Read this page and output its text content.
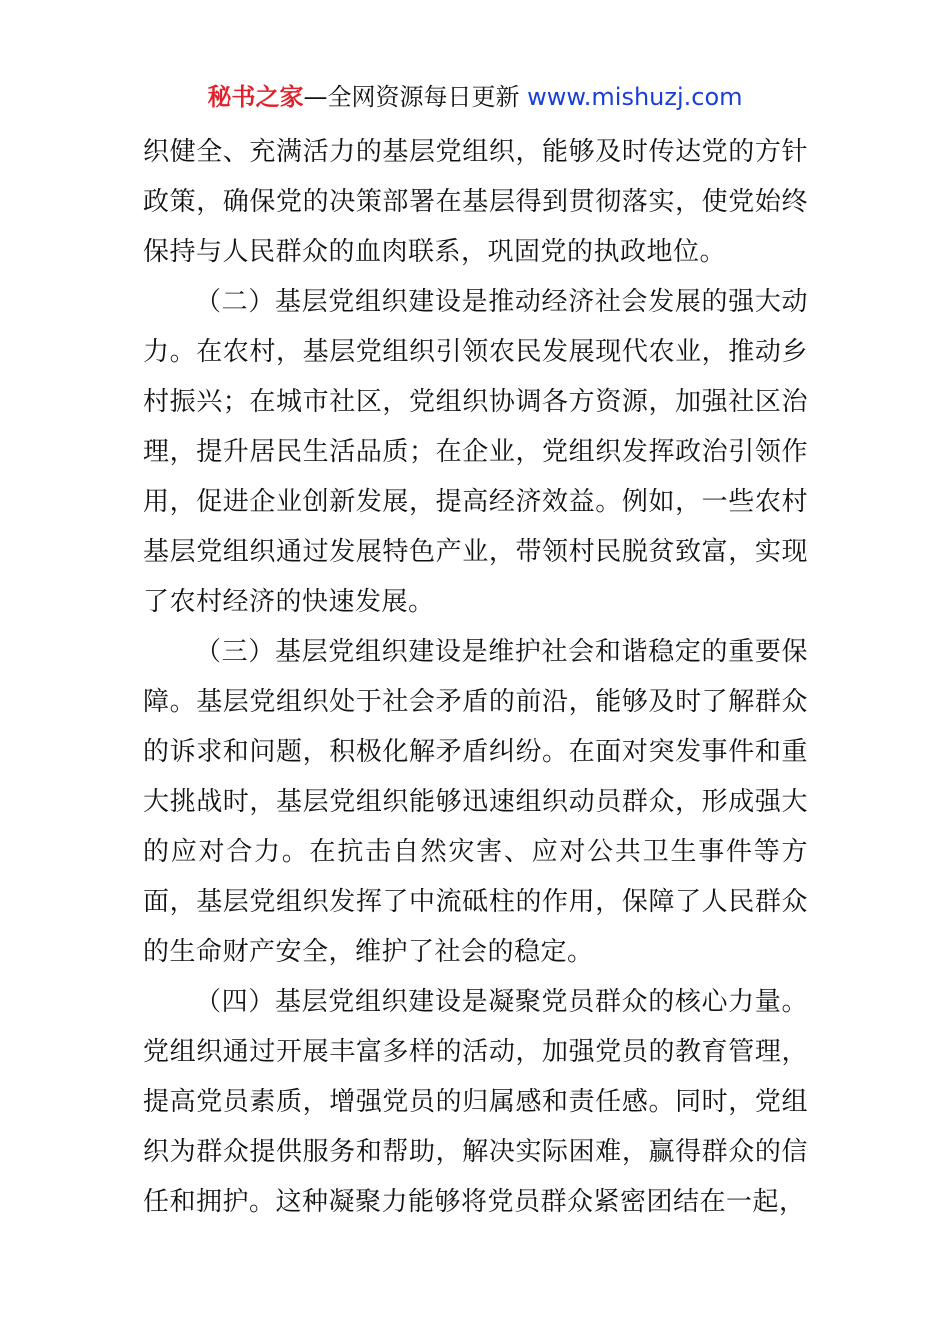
秘书之家—全网资源每日更新 www.mishuzj.com

织健全、充满活力的基层党组织，能够及时传达党的方针政策，确保党的决策部署在基层得到贯彻落实，使党始终保持与人民群众的血肉联系，巩固党的执政地位。

（二）基层党组织建设是推动经济社会发展的强大动力。在农村，基层党组织引领农民发展现代农业，推动乡村振兴；在城市社区，党组织协调各方资源，加强社区治理，提升居民生活品质；在企业，党组织发挥政治引领作用，促进企业创新发展，提高经济效益。例如，一些农村基层党组织通过发展特色产业，带领村民脱贫致富，实现了农村经济的快速发展。

（三）基层党组织建设是维护社会和谐稳定的重要保障。基层党组织处于社会矛盾的前沿，能够及时了解群众的诉求和问题，积极化解矛盾纠纷。在面对突发事件和重大挑战时，基层党组织能够迅速组织动员群众，形成强大的应对合力。在抗击自然灾害、应对公共卫生事件等方面，基层党组织发挥了中流砥柱的作用，保障了人民群众的生命财产安全，维护了社会的稳定。

（四）基层党组织建设是凝聚党员群众的核心力量。党组织通过开展丰富多样的活动，加强党员的教育管理，提高党员素质，增强党员的归属感和责任感。同时，党组织为群众提供服务和帮助，解决实际困难，赢得群众的信任和拥护。这种凝聚力能够将党员群众紧密团结在一起，
